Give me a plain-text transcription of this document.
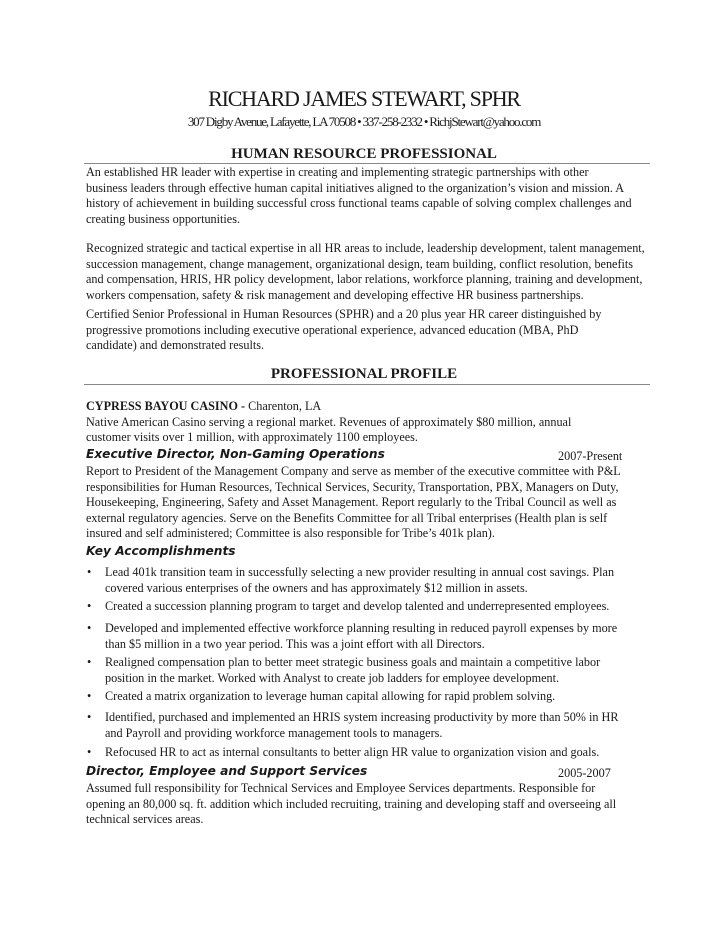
RICHARD JAMES STEWART, SPHR
307 Digby Avenue, Lafayette, LA 70508 • 337-258-2332 • RichjStewart@yahoo.com
HUMAN RESOURCE PROFESSIONAL
An established HR leader with expertise in creating and implementing strategic partnerships with other
business leaders through effective human capital initiatives aligned to the organization’s vision and mission. A
history of achievement in building successful cross functional teams capable of solving complex challenges and
creating business opportunities.
Recognized strategic and tactical expertise in all HR areas to include, leadership development, talent management,
succession management, change management, organizational design, team building, conflict resolution, benefits
and compensation, HRIS, HR policy development, labor relations, workforce planning, training and development,
workers compensation, safety & risk management and developing effective HR business partnerships.
Certified Senior Professional in Human Resources (SPHR) and a 20 plus year HR career distinguished by
progressive promotions including executive operational experience, advanced education (MBA, PhD
candidate) and demonstrated results.
PROFESSIONAL PROFILE
CYPRESS BAYOU CASINO - Charenton, LA
Native American Casino serving a regional market. Revenues of approximately $80 million, annual
customer visits over 1 million, with approximately 1100 employees.
Executive Director, Non-Gaming Operations	2007-Present
Report to President of the Management Company and serve as member of the executive committee with P&L
responsibilities for Human Resources, Technical Services, Security, Transportation, PBX, Managers on Duty,
Housekeeping, Engineering, Safety and Asset Management. Report regularly to the Tribal Council as well as
external regulatory agencies. Serve on the Benefits Committee for all Tribal enterprises (Health plan is self
insured and self administered; Committee is also responsible for Tribe’s 401k plan).
Key Accomplishments
• Lead 401k transition team in successfully selecting a new provider resulting in annual cost savings. Plan
covered various enterprises of the owners and has approximately $12 million in assets.
• Created a succession planning program to target and develop talented and underrepresented employees.
• Developed and implemented effective workforce planning resulting in reduced payroll expenses by more
than $5 million in a two year period. This was a joint effort with all Directors.
• Realigned compensation plan to better meet strategic business goals and maintain a competitive labor
position in the market. Worked with Analyst to create job ladders for employee development.
• Created a matrix organization to leverage human capital allowing for rapid problem solving.
• Identified, purchased and implemented an HRIS system increasing productivity by more than 50% in HR
and Payroll and providing workforce management tools to managers.
• Refocused HR to act as internal consultants to better align HR value to organization vision and goals.
Director, Employee and Support Services	2005-2007
Assumed full responsibility for Technical Services and Employee Services departments. Responsible for
opening an 80,000 sq. ft. addition which included recruiting, training and developing staff and overseeing all
technical services areas.
